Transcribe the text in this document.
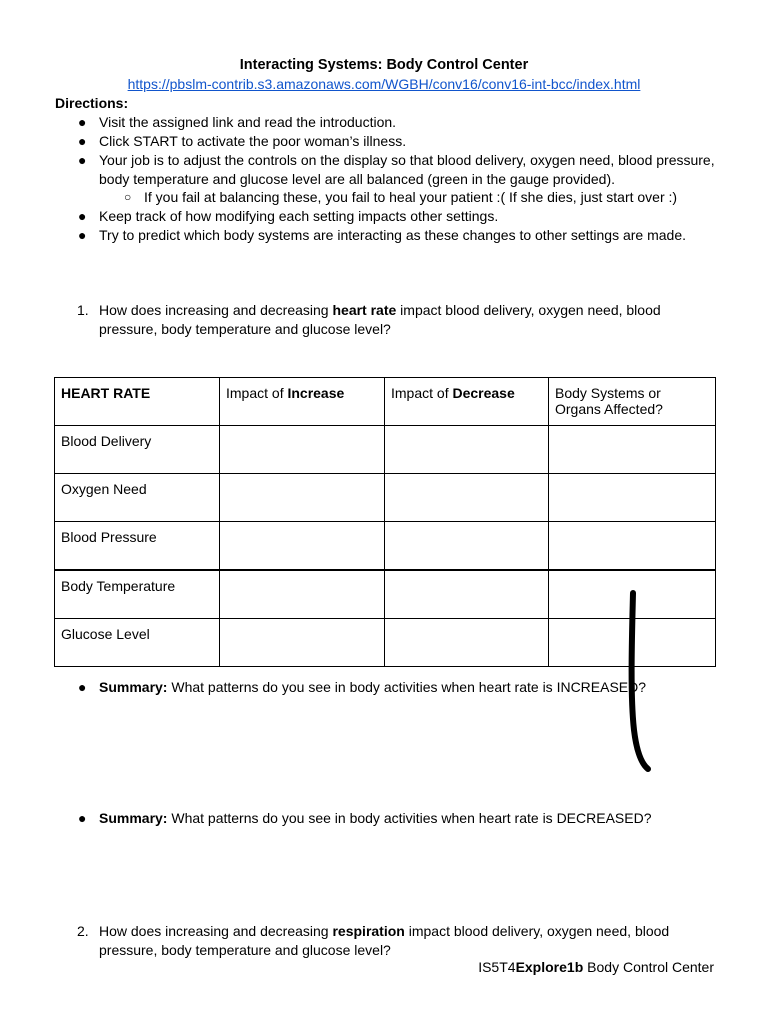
Interacting Systems: Body Control Center
https://pbslm-contrib.s3.amazonaws.com/WGBH/conv16/conv16-int-bcc/index.html
Directions:
● Visit the assigned link and read the introduction.
● Click START to activate the poor woman’s illness.
● Your job is to adjust the controls on the display so that blood delivery, oxygen need, blood pressure, body temperature and glucose level are all balanced (green in the gauge provided).
○ If you fail at balancing these, you fail to heal your patient :( If she dies, just start over :)
● Keep track of how modifying each setting impacts other settings.
● Try to predict which body systems are interacting as these changes to other settings are made.
1. How does increasing and decreasing heart rate impact blood delivery, oxygen need, blood pressure, body temperature and glucose level?
HEART RATE	Impact of Increase	Impact of Decrease	Body Systems or Organs Affected?
Blood Delivery			
Oxygen Need			
Blood Pressure			
Body Temperature			
Glucose Level			
● Summary: What patterns do you see in body activities when heart rate is INCREASED?
● Summary: What patterns do you see in body activities when heart rate is DECREASED?
2. How does increasing and decreasing respiration impact blood delivery, oxygen need, blood pressure, body temperature and glucose level?
IS5T4Explore1b Body Control Center
